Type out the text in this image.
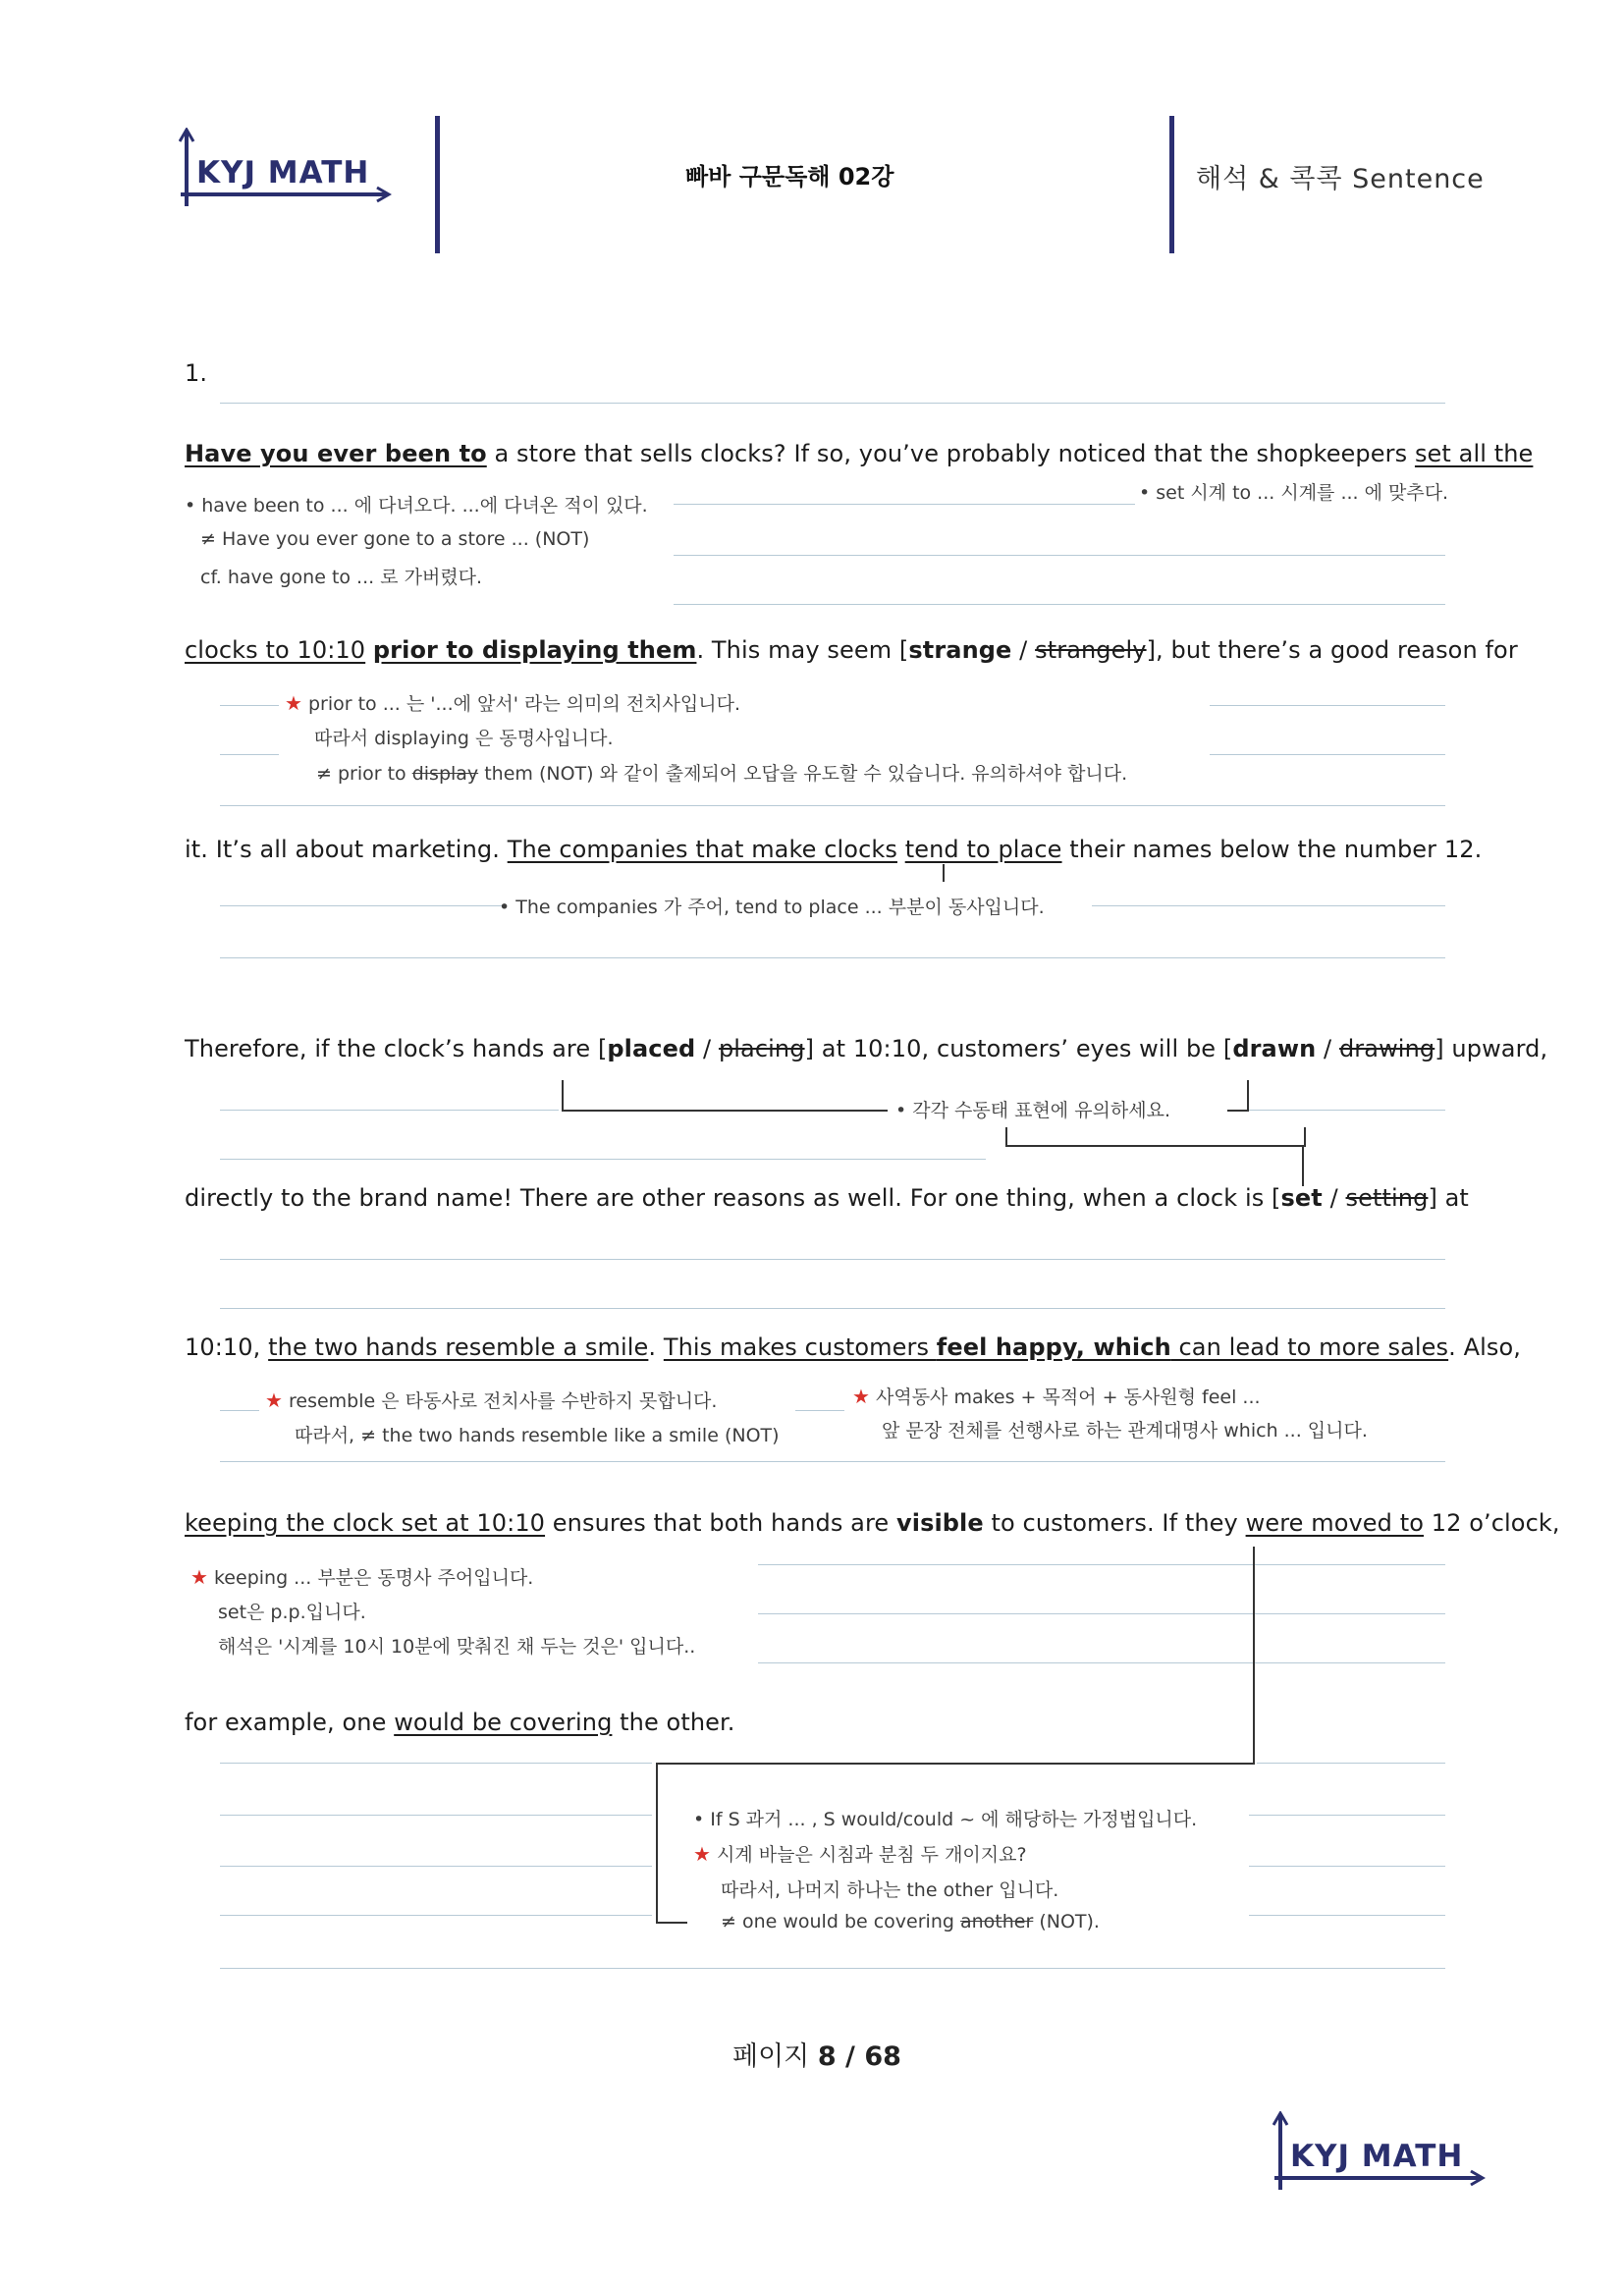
KYJ MATH	빠바 구문독해 02강	해석 & 콕콕 Sentence
1.
Have you ever been to a store that sells clocks? If so, you’ve probably noticed that the shopkeepers set all the
• have been to ... 에 다녀오다. ...에 다녀온 적이 있다.
• set 시계 to ... 시계를 ... 에 맞추다.
≠ Have you ever gone to a store ... (NOT)
cf. have gone to ... 로 가버렸다.
clocks to 10:10 prior to displaying them. This may seem [strange / strangely], but there’s a good reason for
★ prior to ... 는 '...에 앞서' 라는 의미의 전치사입니다.
따라서 displaying 은 동명사입니다.
≠ prior to display them (NOT) 와 같이 출제되어 오답을 유도할 수 있습니다. 유의하셔야 합니다.
it. It’s all about marketing. The companies that make clocks tend to place their names below the number 12.
• The companies 가 주어, tend to place ... 부분이 동사입니다.
Therefore, if the clock’s hands are [placed / placing] at 10:10, customers’ eyes will be [drawn / drawing] upward,
• 각각 수동태 표현에 유의하세요.
directly to the brand name! There are other reasons as well. For one thing, when a clock is [set / setting] at
10:10, the two hands resemble a smile. This makes customers feel happy, which can lead to more sales. Also,
★ resemble 은 타동사로 전치사를 수반하지 못합니다.
따라서, ≠ the two hands resemble like a smile (NOT)
★ 사역동사 makes + 목적어 + 동사원형 feel ...
앞 문장 전체를 선행사로 하는 관계대명사 which ... 입니다.
keeping the clock set at 10:10 ensures that both hands are visible to customers. If they were moved to 12 o’clock,
★ keeping ... 부분은 동명사 주어입니다.
set은 p.p.입니다.
해석은 '시계를 10시 10분에 맞춰진 채 두는 것은' 입니다..
for example, one would be covering the other.
• If S 과거 ... , S would/could ~ 에 해당하는 가정법입니다.
★ 시계 바늘은 시침과 분침 두 개이지요?
따라서, 나머지 하나는 the other 입니다.
≠ one would be covering another (NOT).
페이지 8 / 68
KYJ MATH
